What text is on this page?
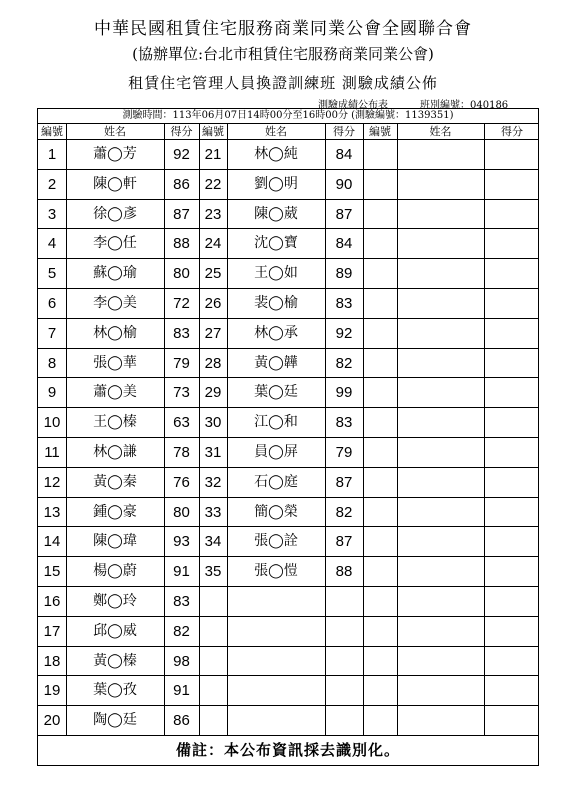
中華民國租賃住宅服務商業同業公會全國聯合會
(協辦單位:台北市租賃住宅服務商業同業公會)
租賃住宅管理人員換證訓練班 測驗成績公佈
測驗成績公布表	班別編號：040186
測驗時間：113年06月07日14時00分至16時00分 (測驗編號：1139351)
編號	姓名	得分 編號	姓名	得分	編號	姓名	得分
1	蕭◯芳	92 21	林◯純	84
2	陳◯軒	86 22	劉◯明	90
3	徐◯彥	87 23	陳◯葳	87
4	李◯任	88 24	沈◯寶	84
5	蘇◯瑜	80 25	王◯如	89
6	李◯美	72 26	裴◯榆	83
7	林◯榆	83 27	林◯承	92
8	張◯華	79 28	黃◯韡	82
9	蕭◯美	73 29	葉◯廷	99
10	王◯榛	63 30	江◯和	83
11	林◯謙	78 31	員◯屏	79
12	黃◯秦	76 32	石◯庭	87
13	鍾◯豪	80 33	簡◯榮	82
14	陳◯瑋	93 34	張◯詮	87
15	楊◯蔚	91 35	張◯愷	88
16	鄭◯玲	83
17	邱◯威	82
18	黃◯榛	98
19	葉◯孜	91
20	陶◯廷	86
備註：本公布資訊採去識別化。
